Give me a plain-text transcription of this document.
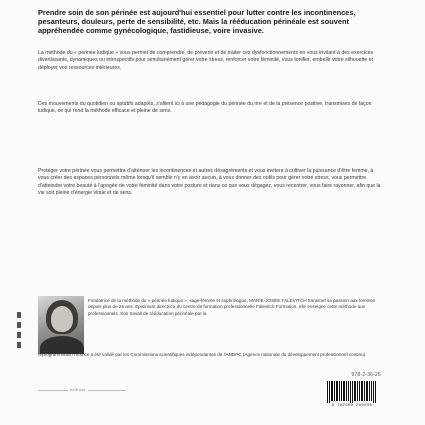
Prendre soin de son périnée est aujourd'hui essentiel pour lutter contre les incontinences, pesanteurs, douleurs, perte de sensibilité, etc. Mais la rééducation périnéale est souvent appréhendée comme gynécologique, fastidieuse, voire invasive.

La méthode du « périnée ludique » vous permet de comprendre, de prévenir et de traiter ces dysfonctionnements en vous invitant à des exercices divertissants, dynamiques ou introspectifs pour simultanément gérer votre stress, renforcer votre féminité, vous tonifier, embellir votre silhouette et déployer vos ressources intérieures.

Des mouvements du quotidien ou sportifs adaptés, s'allient ici à une pédagogie du périnée du rire et de la présence positive, transmises de façon ludique, ce qui rend la méthode efficace et pleine de sens.

Protéger votre périnée vous permettra d'atténuer les incontinences et autres désagréments et vous invitera à cultiver la puissance d'être femme, à vous créer des espaces personnels même lorsqu'il semble n'y en avoir aucun, à vous donner des outils pour gérer votre stress, vous permettre d'atteindre votre beauté à l'apogée de votre féminité dans votre posture et dans ce que vous dégagez, vous recentrer, vous faire rayonner, afin que la vie soit pleine d'énergie vitale et de sens.

Fondatrice de la méthode du « périnée ludique », sage-femme et sophrologue, MARIE-JOSÉE FALEVITCH transmet sa passion aux femmes depuis plus de 25 ans. Episimant directrice du centre de formation professionnelle Falevitch Formation, elle enseigne cette méthode aux professionnels. Son travail de rééducation périnéale par la

reprogrammation motrice a été validé par les Commissions scientifiques indépendantes de l'ANDPC (Agence nationale du développement professionnel continu).

éditions
978-2-36-26
9 782360 260000
